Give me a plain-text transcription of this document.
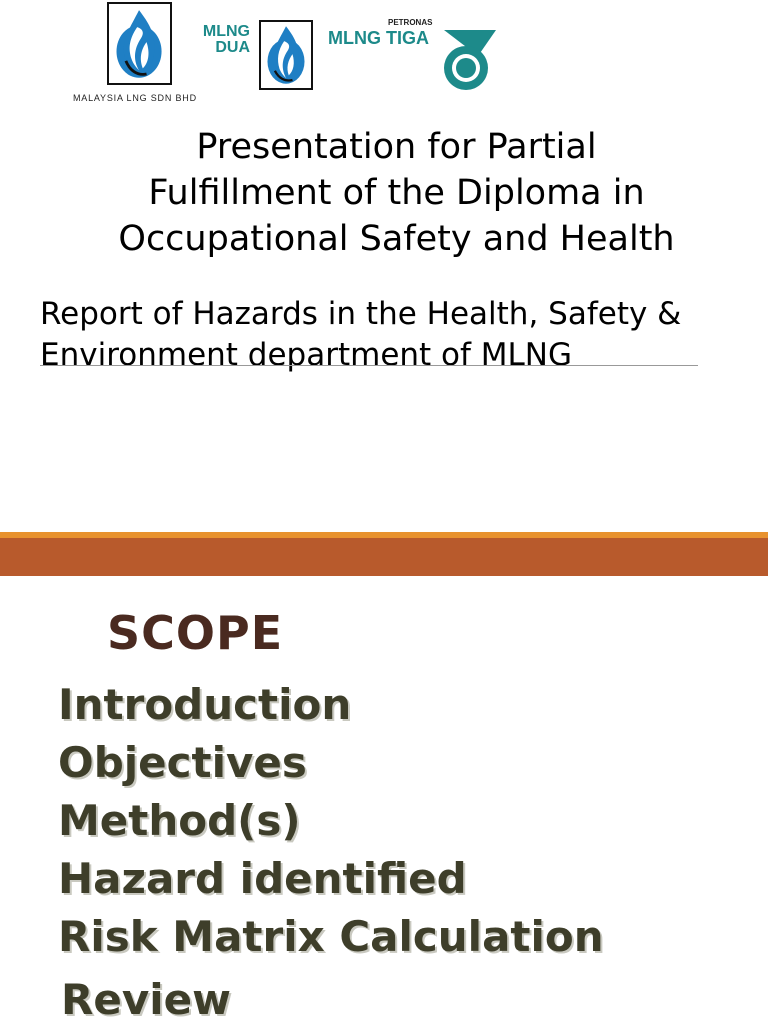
MALAYSIA LNG SDN BHD
MLNG
DUA
PETRONAS
MLNG TIGA
Presentation for Partial
Fulfillment of the Diploma in
Occupational Safety and Health
Report of Hazards in the Health, Safety &
Environment department of MLNG
SCOPE
Introduction
Objectives
Method(s)
Hazard identified
Risk Matrix Calculation
Review
